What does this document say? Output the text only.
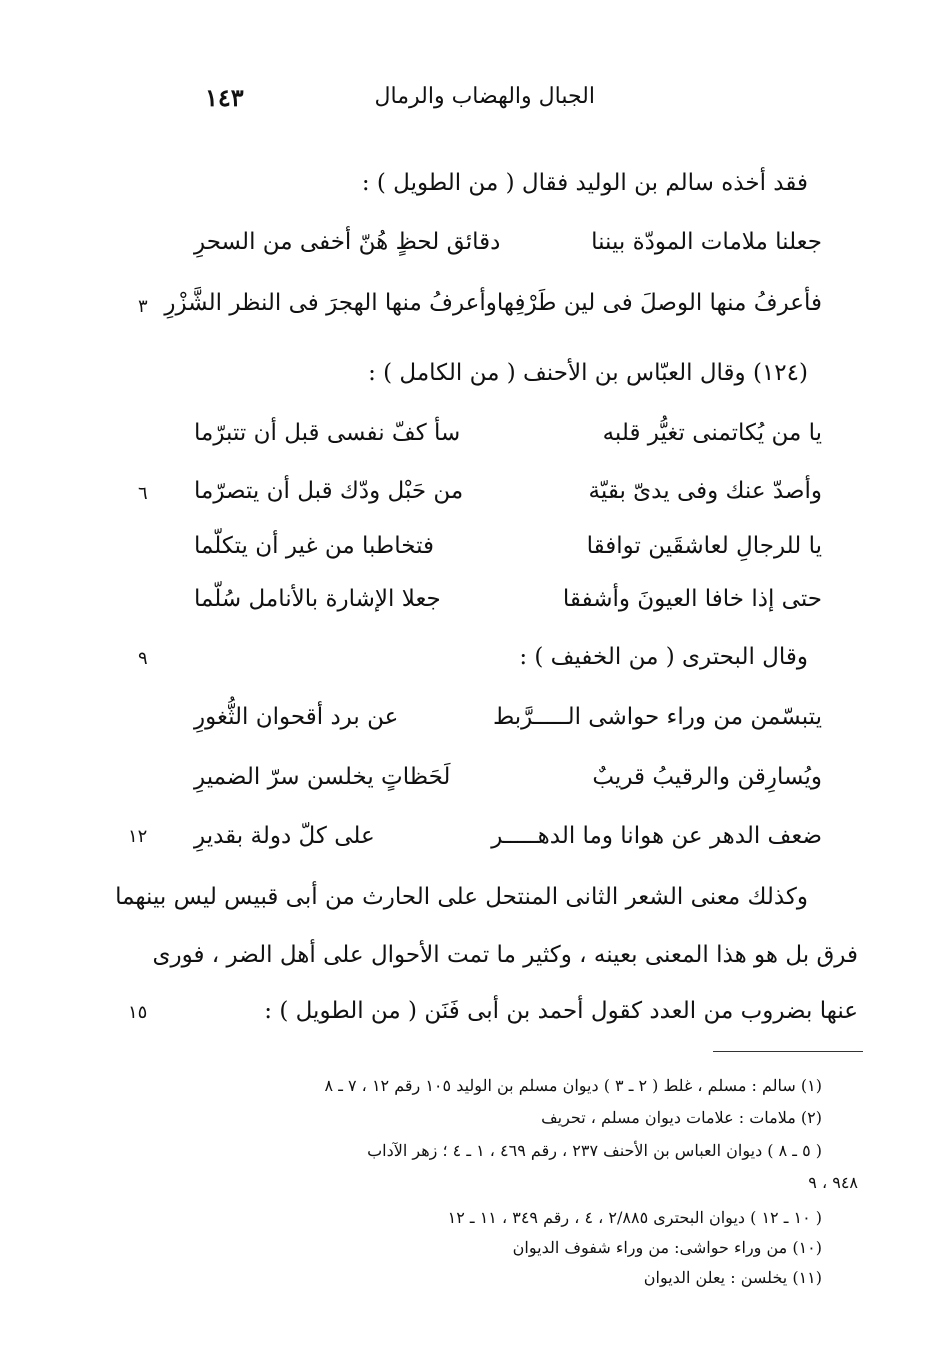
الجبال والهضاب والرمال
١٤٣
فقد أخذه سالم بن الوليد فقال ( من الطويل ) :
جعلنا ملامات المودّة بيننا
دقائق لحظٍ هُنّ أخفى من السحرِ
فأعرفُ منها الوصلَ فى لين طَرْفِها
وأعرفُ منها الهجرَ فى النظر الشَّزْرِ
٣
(١٢٤) وقال العبّاس بن الأحنف ( من الكامل ) :
يا من يُكاتمنى تغيُّر قلبه
سأ كفّ نفسى قبل أن تتبرّما
وأصدّ عنك وفى يدىّ بقيّة
من حَبْل ودّك قبل أن يتصرّما
٦
يا للرجالِ لعاشقَين توافقا
فتخاطبا من غير أن يتكلّما
حتى إذا خافا العيونَ وأشفقا
جعلا الإشارة بالأنامل سُلّما
وقال البحترى ( من الخفيف ) :
٩
يتبسّمن من وراء حواشى الـــــرَّبط
عن برد أقحوان الثُّغورِ
ويُسارِقن والرقيبُ قريبٌ
لَحَظاتٍ يخلسن سرّ الضميرِ
ضعف الدهر عن هوانا وما الدهـــــر
على كلّ دولة بقديرِ
١٢
وكذلك معنى الشعر الثانى المنتحل على الحارث من أبى قبيس ليس بينهما
فرق بل هو هذا المعنى بعينه ، وكثير ما تمت الأحوال على أهل الضر ، فورى
عنها بضروب من العدد كقول أحمد بن أبى فَنَن ( من الطويل ) :
١٥
(١) سالم : مسلم ، غلط ( ٢ ـ ٣ ) ديوان مسلم بن الوليد ١٠٥ رقم ١٢ ، ٧ ـ ٨
(٢) ملامات : علامات ديوان مسلم ، تحريف
( ٥ ـ ٨ ) ديوان العباس بن الأحنف ٢٣٧ ، رقم ٤٦٩ ، ١ ـ ٤ ؛ زهر الآداب
٩٤٨ ، ٩
( ١٠ ـ ١٢ ) ديوان البحترى ٢/٨٨٥ ، ٤ ، رقم ٣٤٩ ، ١١ ـ ١٢
(١٠) من وراء حواشى: من وراء شفوف الديوان
(١١) يخلسن : يعلن الديوان
